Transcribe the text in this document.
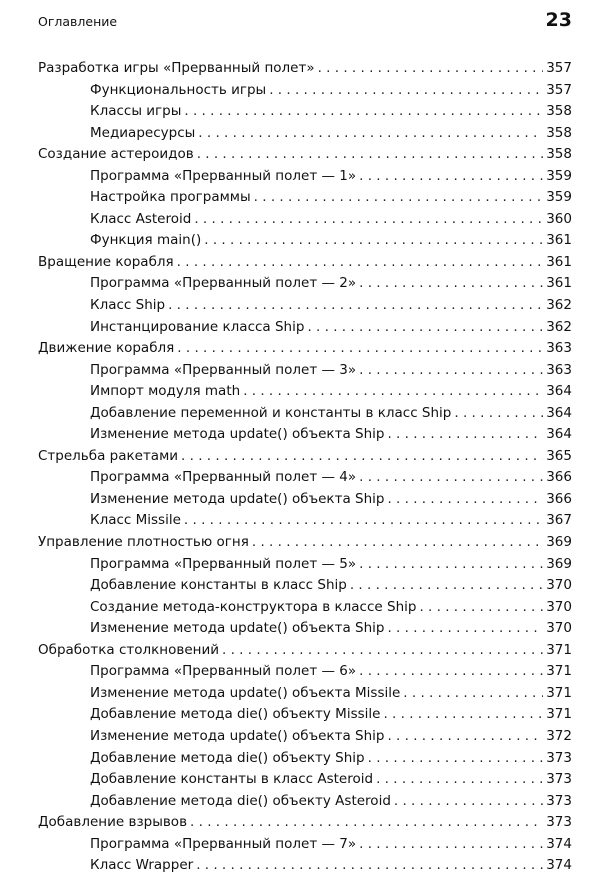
Оглавление	23
Разработка игры «Прерванный полет» . . .	357
Функциональность игры . . .	357
Классы игры . . .	358
Медиаресурсы . . .	358
Создание астероидов . . .	358
Программа «Прерванный полет — 1» . . .	359
Настройка программы . . .	359
Класс Asteroid . . .	360
Функция main() . . .	361
Вращение корабля . . .	361
Программа «Прерванный полет — 2» . . .	361
Класс Ship . . .	362
Инстанцирование класса Ship . . .	362
Движение корабля . . .	363
Программа «Прерванный полет — 3» . . .	363
Импорт модуля math . . .	364
Добавление переменной и константы в класс Ship . . .	364
Изменение метода update() объекта Ship . . .	364
Стрельба ракетами . . .	365
Программа «Прерванный полет — 4» . . .	366
Изменение метода update() объекта Ship . . .	366
Класс Missile . . .	367
Управление плотностью огня . . .	369
Программа «Прерванный полет — 5» . . .	369
Добавление константы в класс Ship . . .	370
Создание метода-конструктора в классе Ship . . .	370
Изменение метода update() объекта Ship . . .	370
Обработка столкновений . . .	371
Программа «Прерванный полет — 6» . . .	371
Изменение метода update() объекта Missile . . .	371
Добавление метода die() объекту Missile . . .	371
Изменение метода update() объекта Ship . . .	372
Добавление метода die() объекту Ship . . .	373
Добавление константы в класс Asteroid . . .	373
Добавление метода die() объекту Asteroid . . .	373
Добавление взрывов . . .	373
Программа «Прерванный полет — 7» . . .	374
Класс Wrapper . . .	374
